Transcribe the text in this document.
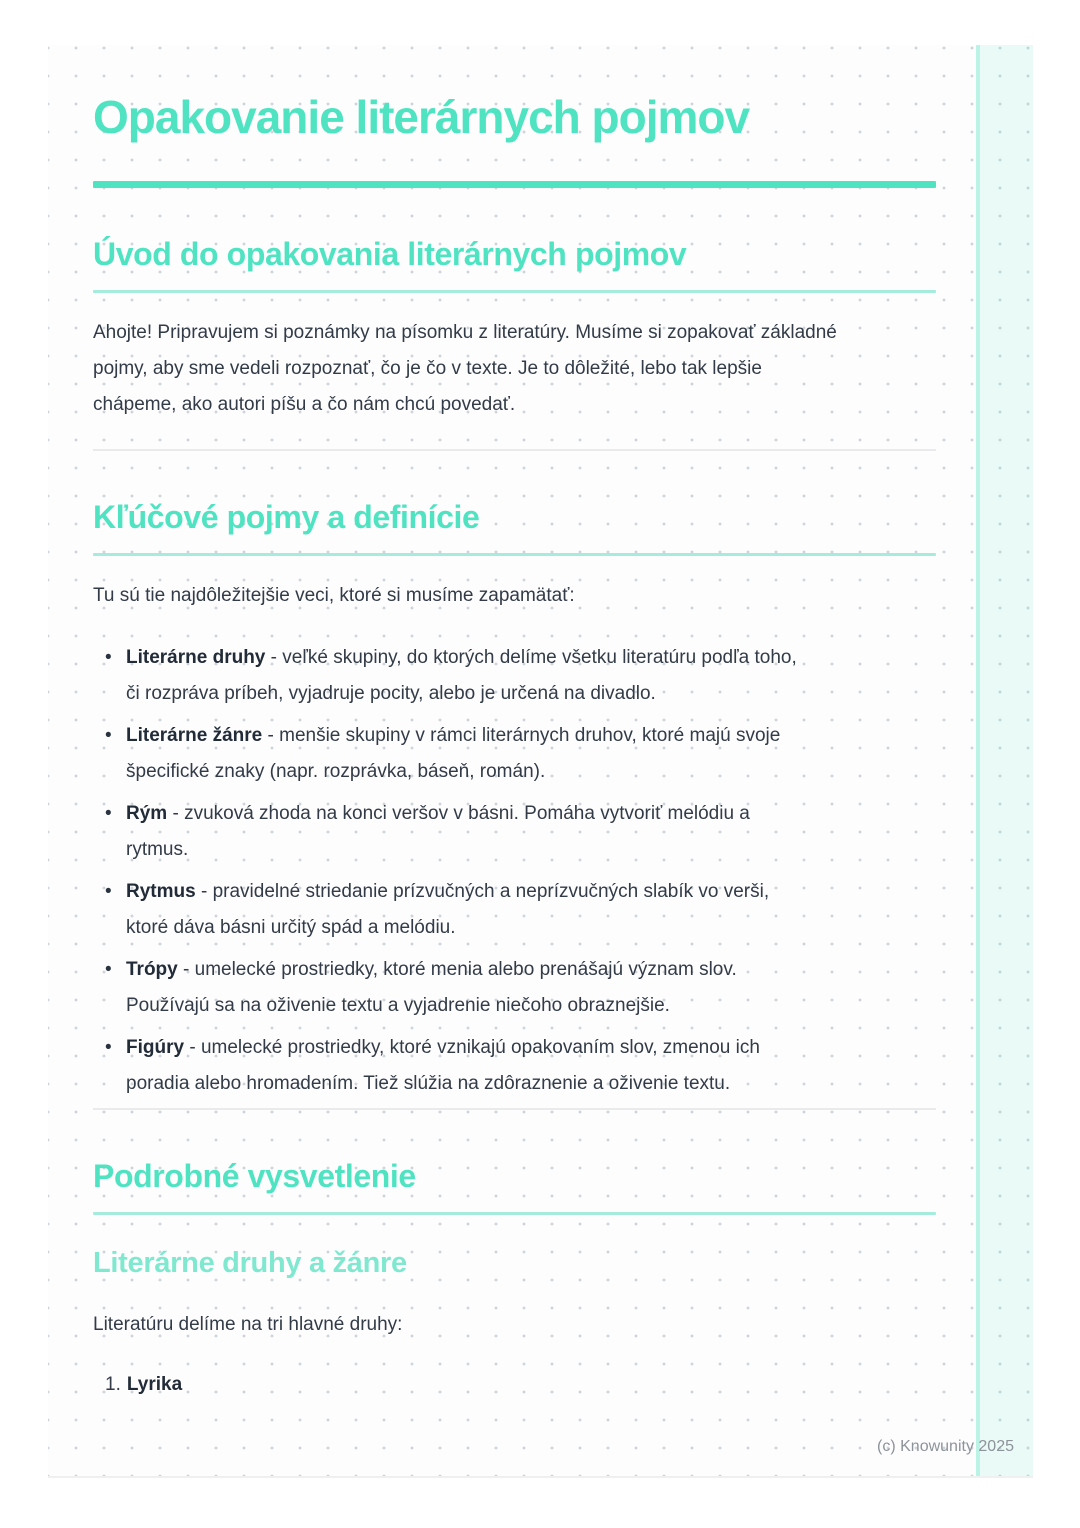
Opakovanie literárnych pojmov
Úvod do opakovania literárnych pojmov

Ahojte! Pripravujem si poznámky na písomku z literatúry. Musíme si zopakovať základné pojmy, aby sme vedeli rozpoznať, čo je čo v texte. Je to dôležité, lebo tak lepšie chápeme, ako autori píšu a čo nám chcú povedať.

Kľúčové pojmy a definície

Tu sú tie najdôležitejšie veci, ktoré si musíme zapamätať:

• Literárne druhy - veľké skupiny, do ktorých delíme všetku literatúru podľa toho, či rozpráva príbeh, vyjadruje pocity, alebo je určená na divadlo.
• Literárne žánre - menšie skupiny v rámci literárnych druhov, ktoré majú svoje špecifické znaky (napr. rozprávka, báseň, román).
• Rým - zvuková zhoda na konci veršov v básni. Pomáha vytvoriť melódiu a rytmus.
• Rytmus - pravidelné striedanie prízvučných a neprízvučných slabík vo verši, ktoré dáva básni určitý spád a melódiu.
• Trópy - umelecké prostriedky, ktoré menia alebo prenášajú význam slov. Používajú sa na oživenie textu a vyjadrenie niečoho obraznejšie.
• Figúry - umelecké prostriedky, ktoré vznikajú opakovaním slov, zmenou ich poradia alebo hromadením. Tiež slúžia na zdôraznenie a oživenie textu.
Podrobné vysvetlenie
Literárne druhy a žánre

Literatúru delíme na tri hlavné druhy:

1. Lyrika
(c) Knowunity 2025
